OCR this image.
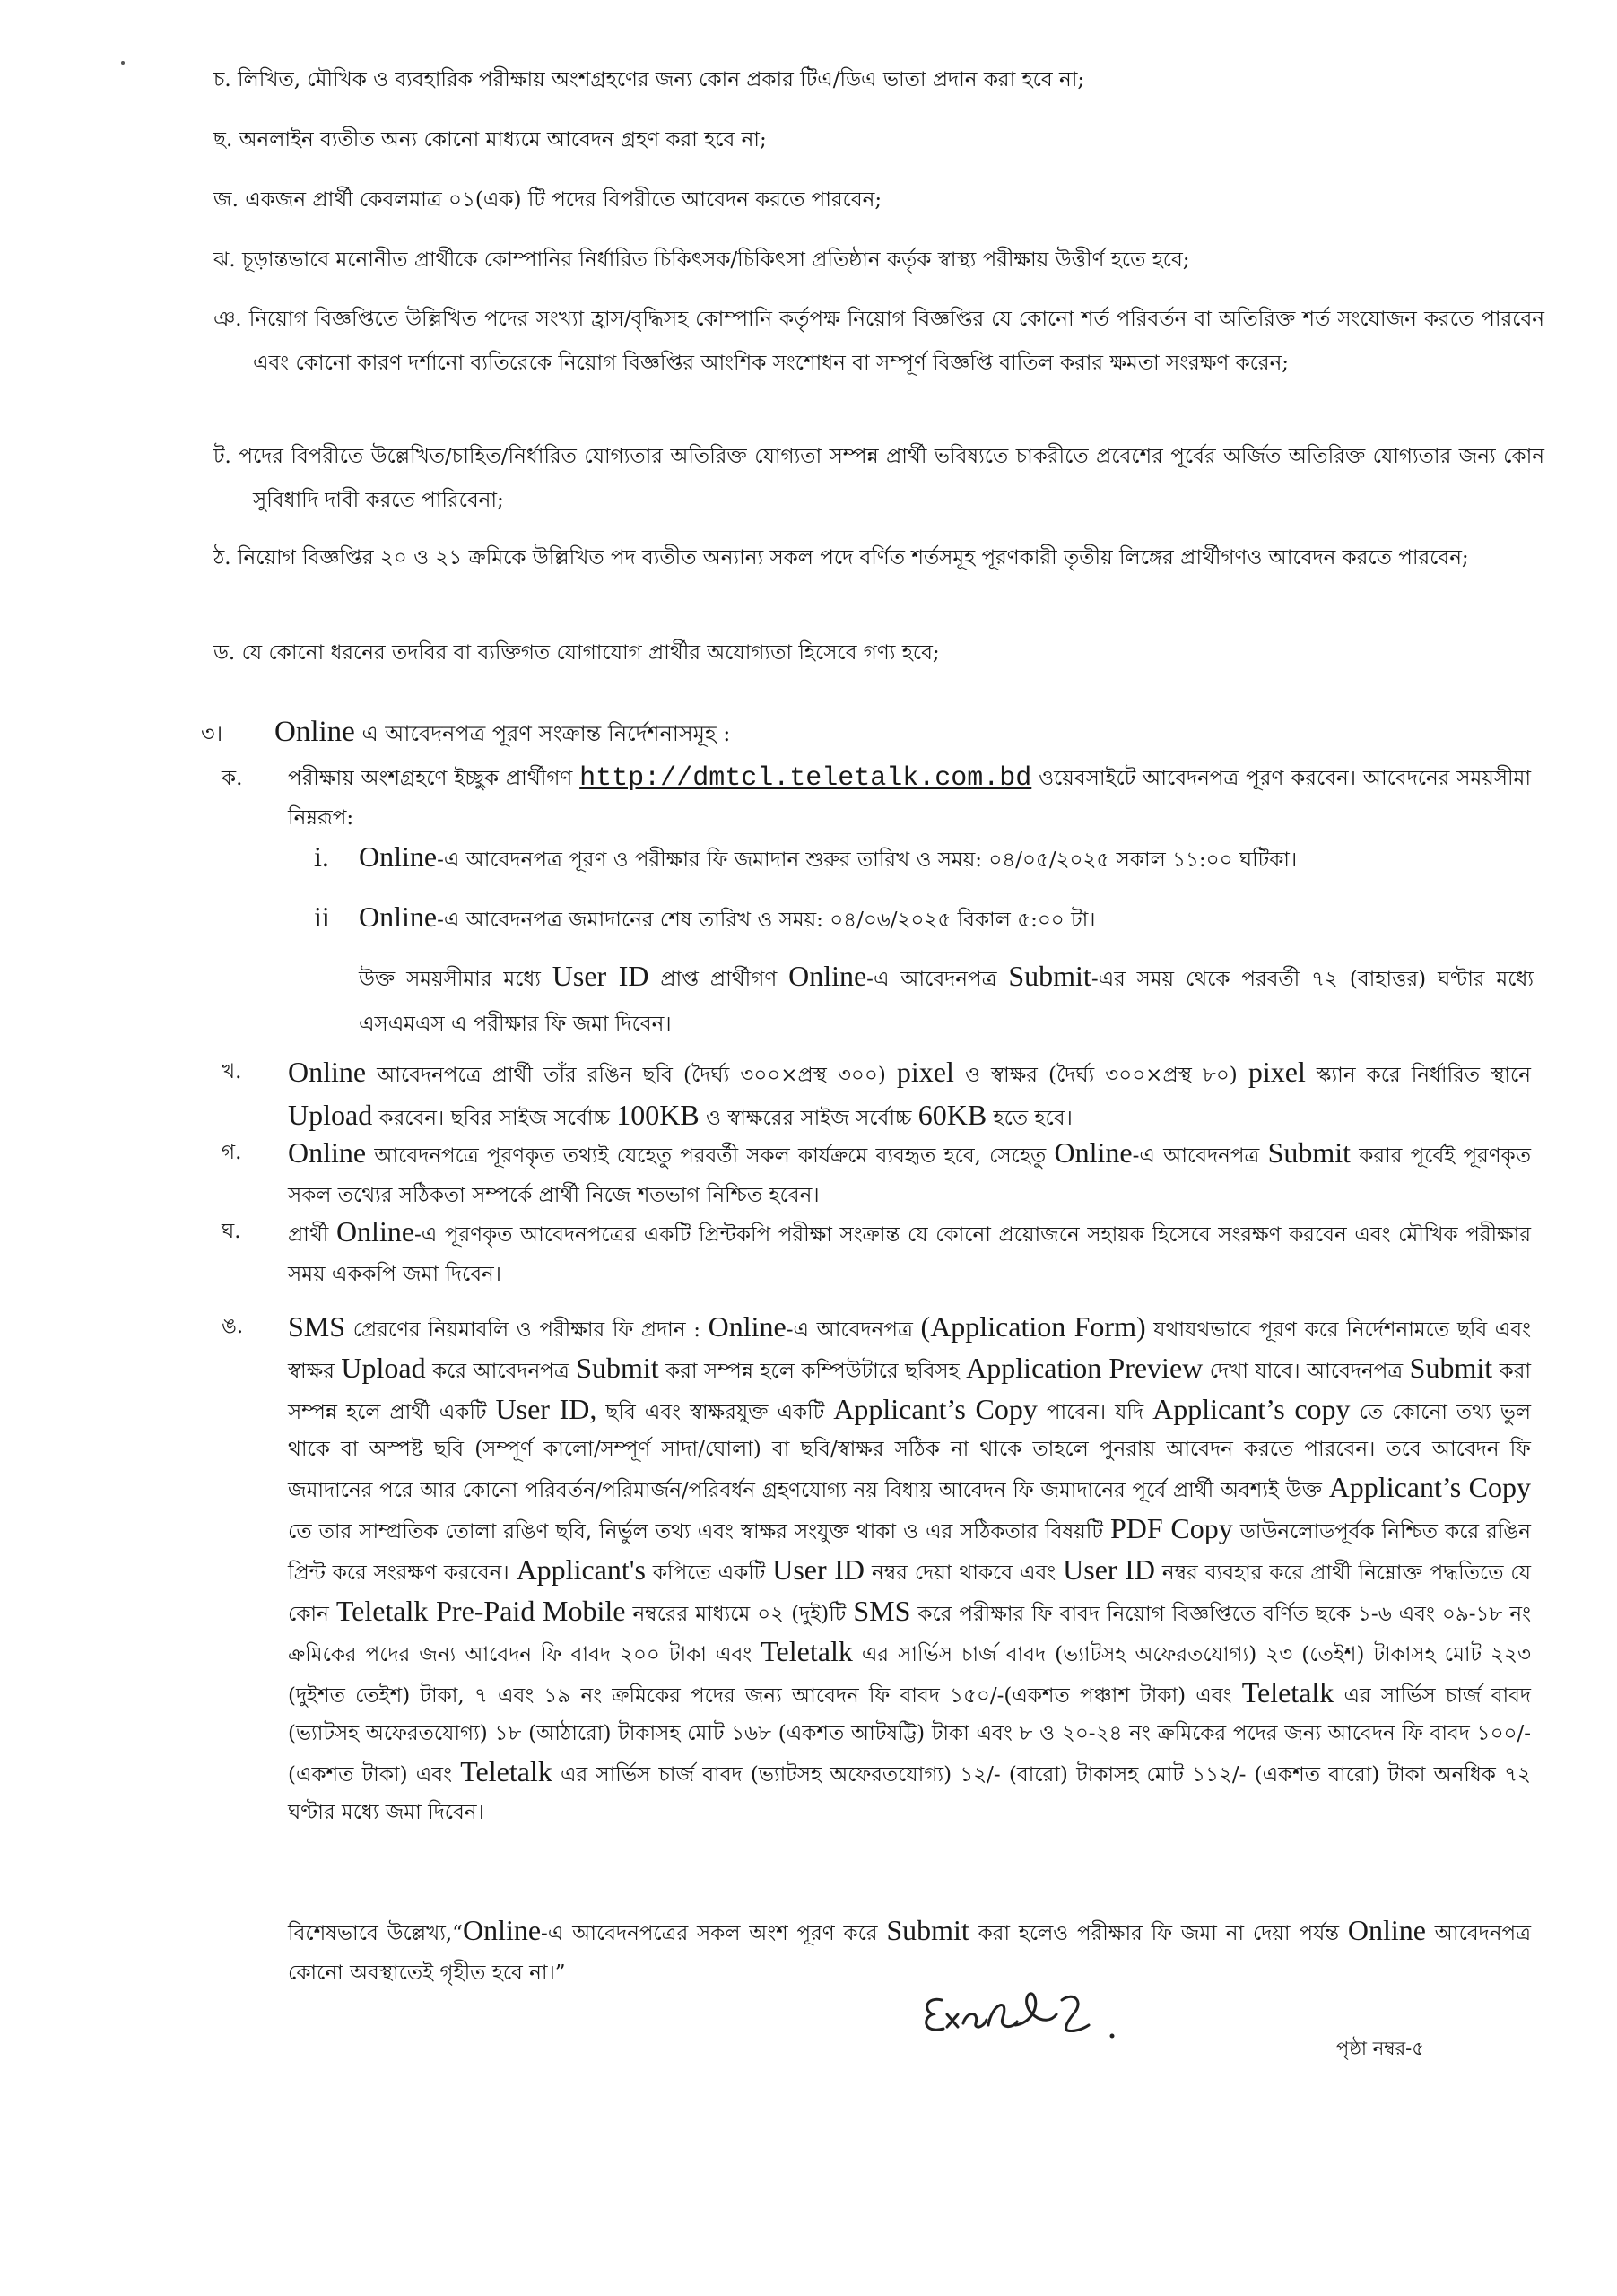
চ. লিখিত, মৌখিক ও ব্যবহারিক পরীক্ষায় অংশগ্রহণের জন্য কোন প্রকার টিএ/ডিএ ভাতা প্রদান করা হবে না;
ছ. অনলাইন ব্যতীত অন্য কোনো মাধ্যমে আবেদন গ্রহণ করা হবে না;
জ. একজন প্রার্থী কেবলমাত্র ০১(এক) টি পদের বিপরীতে আবেদন করতে পারবেন;
ঝ. চূড়ান্তভাবে মনোনীত প্রার্থীকে কোম্পানির নির্ধারিত চিকিৎসক/চিকিৎসা প্রতিষ্ঠান কর্তৃক স্বাস্থ্য পরীক্ষায় উত্তীর্ণ হতে হবে;
ঞ. নিয়োগ বিজ্ঞপ্তিতে উল্লিখিত পদের সংখ্যা হ্রাস/বৃদ্ধিসহ কোম্পানি কর্তৃপক্ষ নিয়োগ বিজ্ঞপ্তির যে কোনো শর্ত পরিবর্তন বা অতিরিক্ত শর্ত সংযোজন করতে পারবেন এবং কোনো কারণ দর্শানো ব্যতিরেকে নিয়োগ বিজ্ঞপ্তির আংশিক সংশোধন বা সম্পূর্ণ বিজ্ঞপ্তি বাতিল করার ক্ষমতা সংরক্ষণ করেন;
ট. পদের বিপরীতে উল্লেখিত/চাহিত/নির্ধারিত যোগ্যতার অতিরিক্ত যোগ্যতা সম্পন্ন প্রার্থী ভবিষ্যতে চাকরীতে প্রবেশের পূর্বের অর্জিত অতিরিক্ত যোগ্যতার জন্য কোন সুবিধাদি দাবী করতে পারিবেনা;
ঠ. নিয়োগ বিজ্ঞপ্তির ২০ ও ২১ ক্রমিকে উল্লিখিত পদ ব্যতীত অন্যান্য সকল পদে বর্ণিত শর্তসমূহ পূরণকারী তৃতীয় লিঙ্গের প্রার্থীগণও আবেদন করতে পারবেন;
ড. যে কোনো ধরনের তদবির বা ব্যক্তিগত যোগাযোগ প্রার্থীর অযোগ্যতা হিসেবে গণ্য হবে;
৩। Online এ আবেদনপত্র পূরণ সংক্রান্ত নির্দেশনাসমূহ :
ক. পরীক্ষায় অংশগ্রহণে ইচ্ছুক প্রার্থীগণ http://dmtcl.teletalk.com.bd ওয়েবসাইটে আবেদনপত্র পূরণ করবেন। আবেদনের সময়সীমা নিম্নরূপ:
i. Online-এ আবেদনপত্র পূরণ ও পরীক্ষার ফি জমাদান শুরুর তারিখ ও সময়: ০৪/০৫/২০২৫ সকাল ১১:০০ ঘটিকা।
ii Online-এ আবেদনপত্র জমাদানের শেষ তারিখ ও সময়: ০৪/০৬/২০২৫ বিকাল ৫:০০ টা।
উক্ত সময়সীমার মধ্যে User ID প্রাপ্ত প্রার্থীগণ Online-এ আবেদনপত্র Submit-এর সময় থেকে পরবর্তী ৭২ (বাহাত্তর) ঘণ্টার মধ্যে এসএমএস এ পরীক্ষার ফি জমা দিবেন।
খ. Online আবেদনপত্রে প্রার্থী তাঁর রঙিন ছবি (দৈর্ঘ্য ৩০০×প্রস্থ ৩০০) pixel ও স্বাক্ষর (দৈর্ঘ্য ৩০০×প্রস্থ ৮০) pixel স্ক্যান করে নির্ধারিত স্থানে Upload করবেন। ছবির সাইজ সর্বোচ্চ 100KB ও স্বাক্ষরের সাইজ সর্বোচ্চ 60KB হতে হবে।
গ. Online আবেদনপত্রে পূরণকৃত তথ্যই যেহেতু পরবর্তী সকল কার্যক্রমে ব্যবহৃত হবে, সেহেতু Online-এ আবেদনপত্র Submit করার পূর্বেই পূরণকৃত সকল তথ্যের সঠিকতা সম্পর্কে প্রার্থী নিজে শতভাগ নিশ্চিত হবেন।
ঘ. প্রার্থী Online-এ পূরণকৃত আবেদনপত্রের একটি প্রিন্টকপি পরীক্ষা সংক্রান্ত যে কোনো প্রয়োজনে সহায়ক হিসেবে সংরক্ষণ করবেন এবং মৌখিক পরীক্ষার সময় এককপি জমা দিবেন।
ঙ. SMS প্রেরণের নিয়মাবলি ও পরীক্ষার ফি প্রদান : Online-এ আবেদনপত্র (Application Form) যথাযথভাবে পূরণ করে নির্দেশনামতে ছবি এবং স্বাক্ষর Upload করে আবেদনপত্র Submit করা সম্পন্ন হলে কম্পিউটারে ছবিসহ Application Preview দেখা যাবে। আবেদনপত্র Submit করা সম্পন্ন হলে প্রার্থী একটি User ID, ছবি এবং স্বাক্ষরযুক্ত একটি Applicant’s Copy পাবেন। যদি Applicant’s copy তে কোনো তথ্য ভুল থাকে বা অস্পষ্ট ছবি (সম্পূর্ণ কালো/সম্পূর্ণ সাদা/ঘোলা) বা ছবি/স্বাক্ষর সঠিক না থাকে তাহলে পুনরায় আবেদন করতে পারবেন। তবে আবেদন ফি জমাদানের পরে আর কোনো পরিবর্তন/পরিমার্জন/পরিবর্ধন গ্রহণযোগ্য নয় বিধায় আবেদন ফি জমাদানের পূর্বে প্রার্থী অবশ্যই উক্ত Applicant’s Copy তে তার সাম্প্রতিক তোলা রঙিণ ছবি, নির্ভুল তথ্য এবং স্বাক্ষর সংযুক্ত থাকা ও এর সঠিকতার বিষয়টি PDF Copy ডাউনলোডপূর্বক নিশ্চিত করে রঙিন প্রিন্ট করে সংরক্ষণ করবেন। Applicant's কপিতে একটি User ID নম্বর দেয়া থাকবে এবং User ID নম্বর ব্যবহার করে প্রার্থী নিম্নোক্ত পদ্ধতিতে যে কোন Teletalk Pre-Paid Mobile নম্বরের মাধ্যমে ০২ (দুই)টি SMS করে পরীক্ষার ফি বাবদ নিয়োগ বিজ্ঞপ্তিতে বর্ণিত ছকে ১-৬ এবং ০৯-১৮ নং ক্রমিকের পদের জন্য আবেদন ফি বাবদ ২০০ টাকা এবং Teletalk এর সার্ভিস চার্জ বাবদ (ভ্যাটসহ অফেরতযোগ্য) ২৩ (তেইশ) টাকাসহ মোট ২২৩ (দুইশত তেইশ) টাকা, ৭ এবং ১৯ নং ক্রমিকের পদের জন্য আবেদন ফি বাবদ ১৫০/-(একশত পঞ্চাশ টাকা) এবং Teletalk এর সার্ভিস চার্জ বাবদ (ভ্যাটসহ অফেরতযোগ্য) ১৮ (আঠারো) টাকাসহ মোট ১৬৮ (একশত আটষট্টি) টাকা এবং ৮ ও ২০-২৪ নং ক্রমিকের পদের জন্য আবেদন ফি বাবদ ১০০/-(একশত টাকা) এবং Teletalk এর সার্ভিস চার্জ বাবদ (ভ্যাটসহ অফেরতযোগ্য) ১২/- (বারো) টাকাসহ মোট ১১২/- (একশত বারো) টাকা অনধিক ৭২ ঘণ্টার মধ্যে জমা দিবেন।
বিশেষভাবে উল্লেখ্য,“Online-এ আবেদনপত্রের সকল অংশ পূরণ করে Submit করা হলেও পরীক্ষার ফি জমা না দেয়া পর্যন্ত Online আবেদনপত্র কোনো অবস্থাতেই গৃহীত হবে না।”
পৃষ্ঠা নম্বর-৫
